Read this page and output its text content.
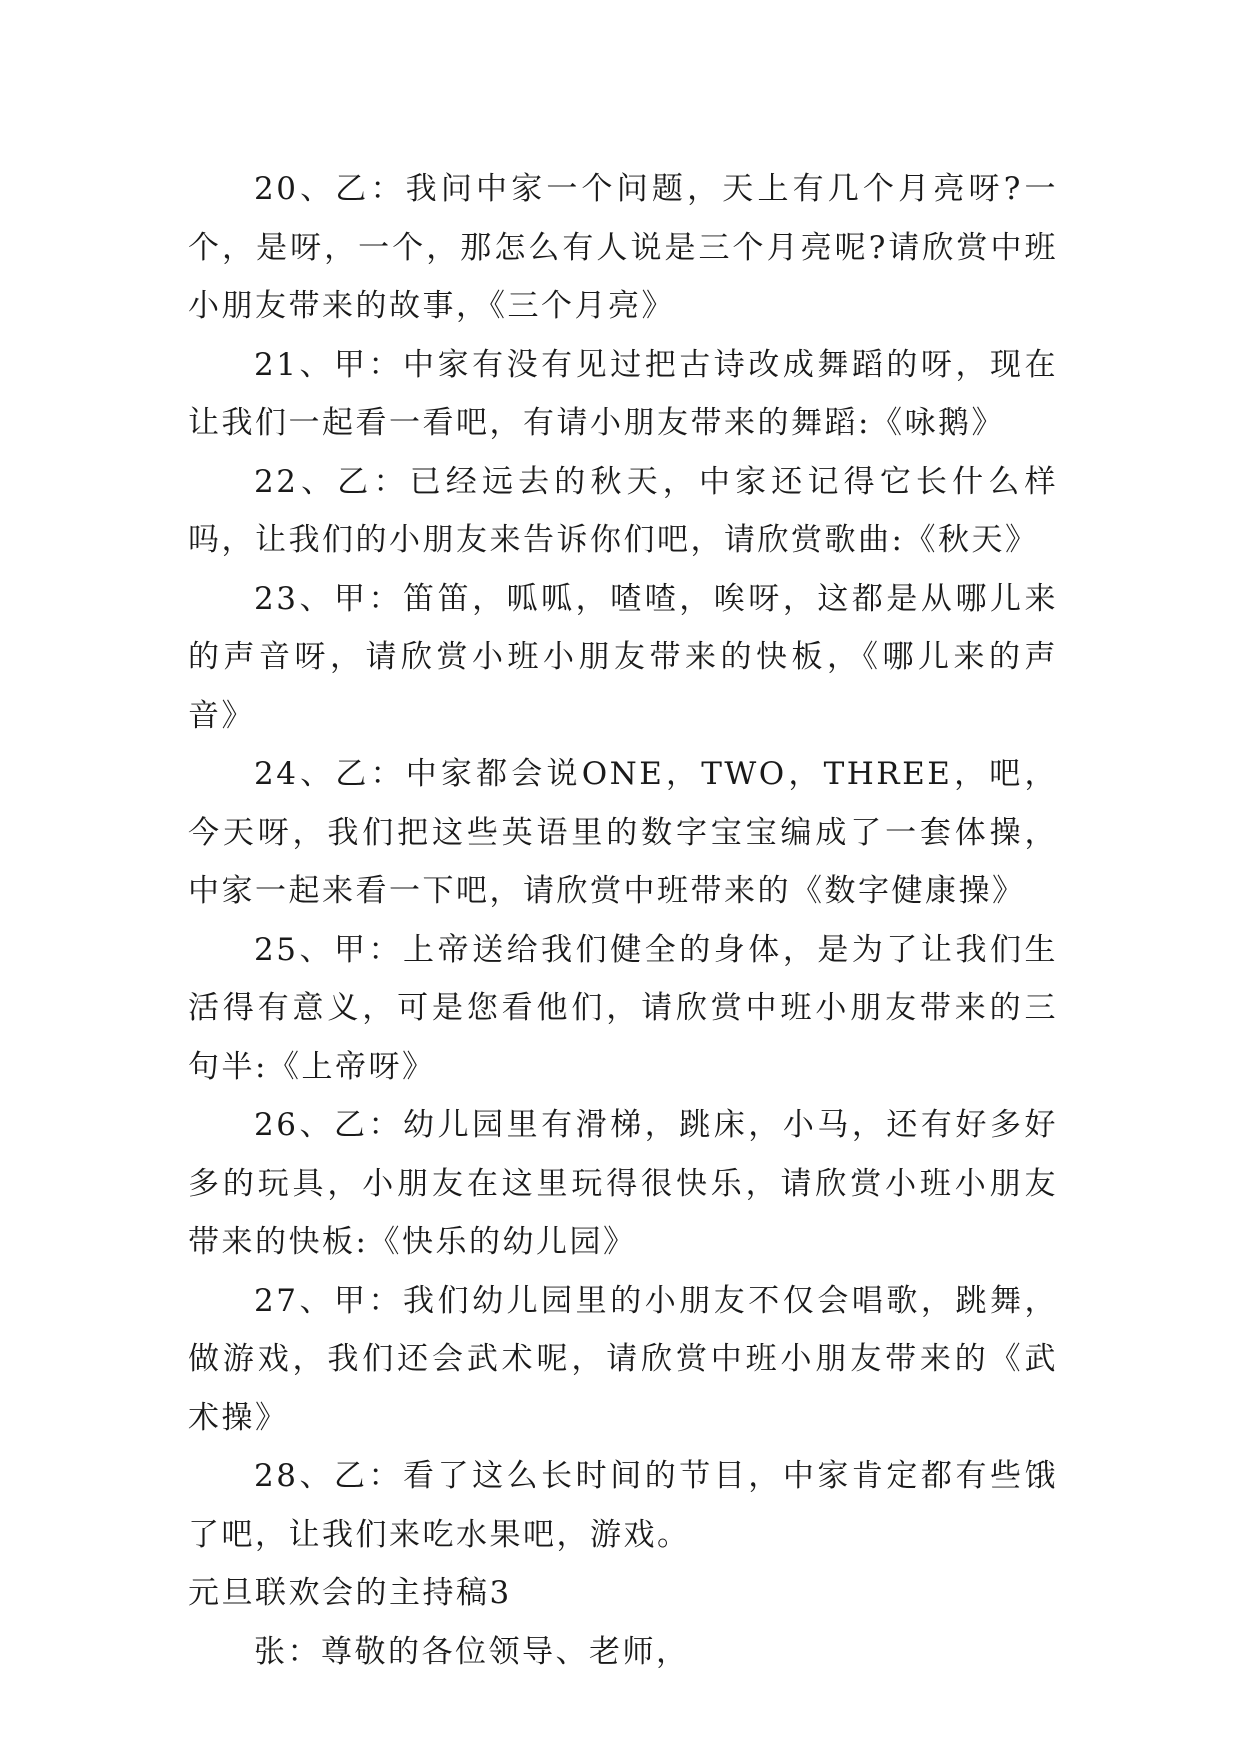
20、乙：我问中家一个问题，天上有几个月亮呀?一个，是呀，一个，那怎么有人说是三个月亮呢?请欣赏中班小朋友带来的故事，《三个月亮》

21、甲：中家有没有见过把古诗改成舞蹈的呀，现在让我们一起看一看吧，有请小朋友带来的舞蹈:《咏鹅》

22、乙：已经远去的秋天，中家还记得它长什么样吗，让我们的小朋友来告诉你们吧，请欣赏歌曲:《秋天》

23、甲：笛笛，呱呱，喳喳，唉呀，这都是从哪儿来的声音呀，请欣赏小班小朋友带来的快板，《哪儿来的声音》

24、乙：中家都会说ONE，TWO，THREE，吧，今天呀，我们把这些英语里的数字宝宝编成了一套体操，中家一起来看一下吧，请欣赏中班带来的《数字健康操》

25、甲：上帝送给我们健全的身体，是为了让我们生活得有意义，可是您看他们，请欣赏中班小朋友带来的三句半:《上帝呀》

26、乙：幼儿园里有滑梯，跳床，小马，还有好多好多的玩具，小朋友在这里玩得很快乐，请欣赏小班小朋友带来的快板:《快乐的幼儿园》

27、甲：我们幼儿园里的小朋友不仅会唱歌，跳舞，做游戏，我们还会武术呢，请欣赏中班小朋友带来的《武术操》

28、乙：看了这么长时间的节目，中家肯定都有些饿了吧，让我们来吃水果吧，游戏。

元旦联欢会的主持稿3

张：尊敬的各位领导、老师，
